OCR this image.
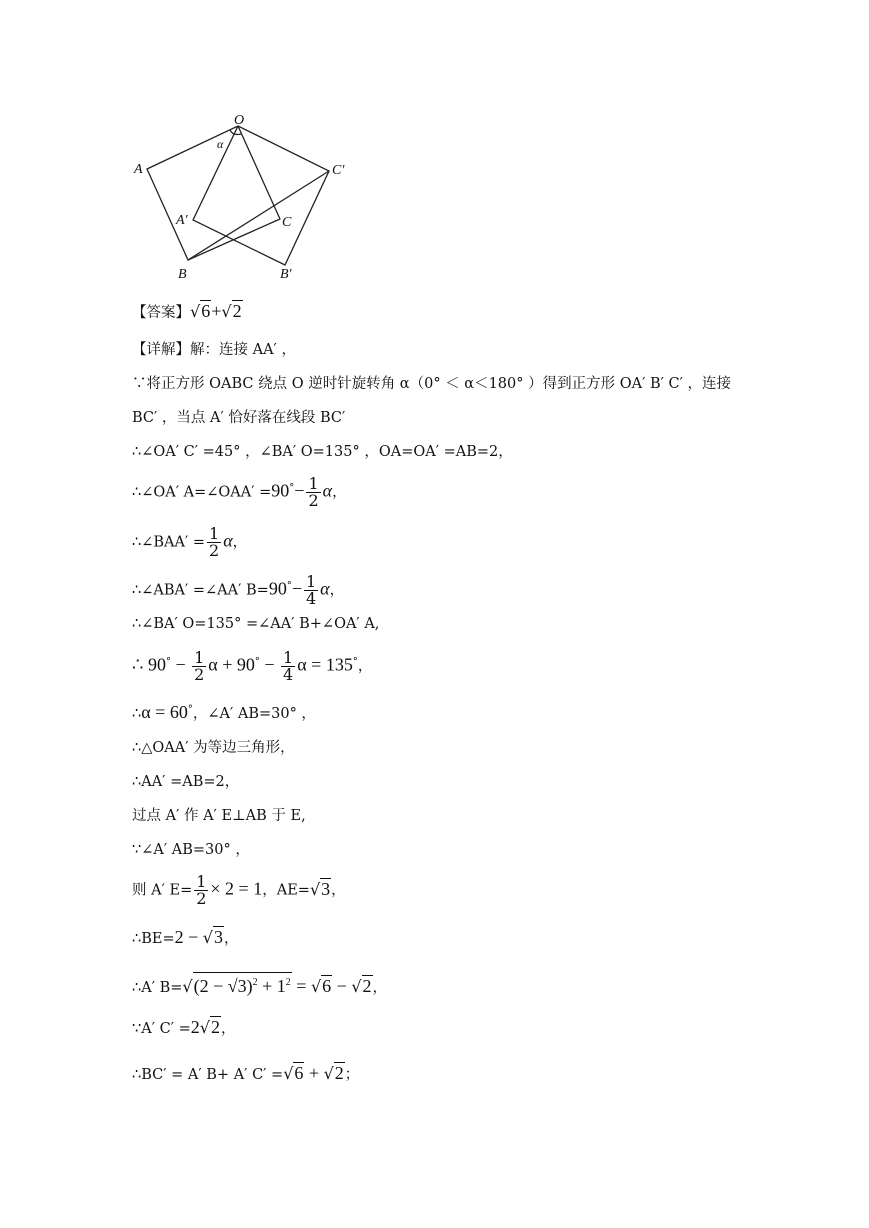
O
A
B
C
A′
B′
C′
α
【答案】√6+√2
【详解】解：连接 AA′ ，
∵将正方形 OABC 绕点 O 逆时针旋转角 α（0° ＜ α＜180° ）得到正方形 OA′ B′ C′ ，连接
BC′ ，当点 A′ 恰好落在线段 BC′
∴∠OA′ C′ =45° ，∠BA′ O=135° ，OA=OA′ =AB=2，
∴∠OA′ A=∠OAA′ $=90^\circ- \frac{1}{2}$ α，
∴∠BAA′ = $\frac{1}{2}$ α，
∴∠ABA′ =∠AA′ $B=90^\circ- \frac{1}{4}$ α，
∴∠BA′ O=135° =∠AA′ B+∠OA′ A,
∴ $90^\circ - \frac{1}{2}$ $\alpha + 90^\circ - \frac{1}{4}$ α = 135°，
∴α = 60°，∠A′ AB=30° ，
∴△OAA′ 为等边三角形，
∴AA′ =AB=2，
过点 A′ 作 A′ E⊥AB 于 E,
∵∠A′ AB=30° ，
则 A′ $E= \frac{1}{2} \times 2 = 1$，AE=√3，
∴BE=2 − √3，
∴A′ $B=√(2 - √3)^2 + 1^2 = √6 - √2$，
∵A′ C′ =2√2，
∴BC′ = A′ B+ A′ C′ =√6 + √2；
